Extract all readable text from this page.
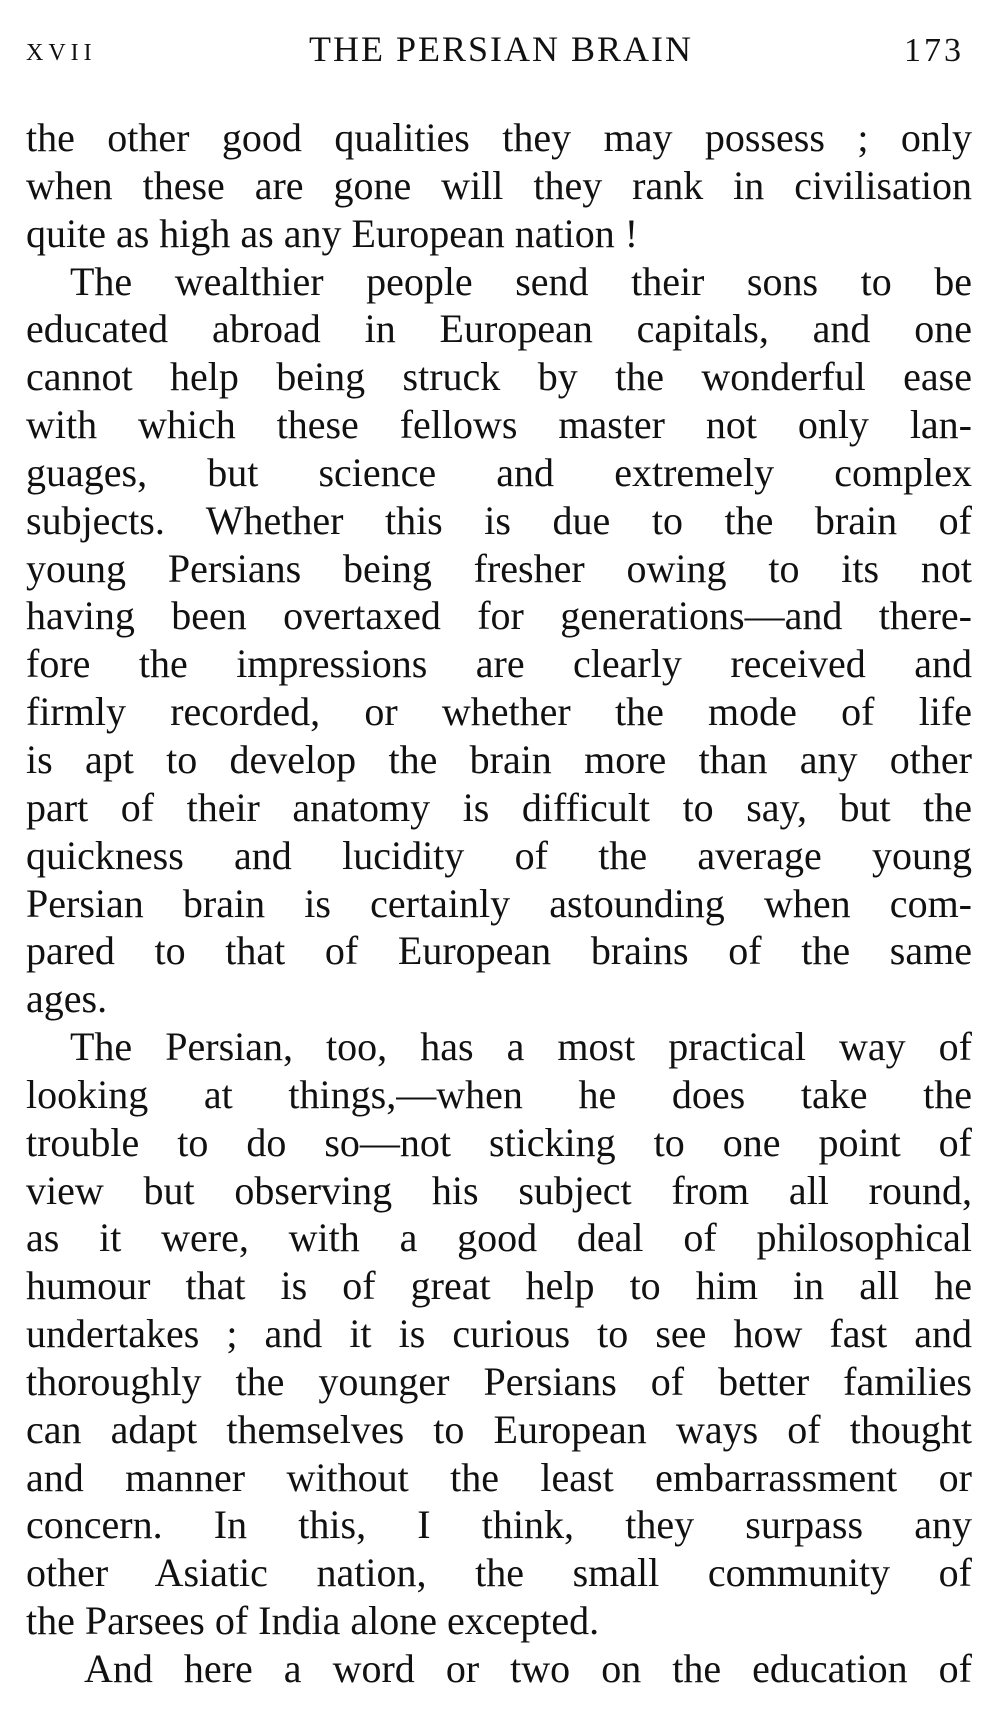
XVII	THE PERSIAN BRAIN	173
the other good qualities they may possess ; only
when these are gone will they rank in civilisation
quite as high as any European nation !
The wealthier people send their sons to be
educated abroad in European capitals, and one
cannot help being struck by the wonderful ease
with which these fellows master not only lan-
guages, but science and extremely complex
subjects. Whether this is due to the brain of
young Persians being fresher owing to its not
having been overtaxed for generations—and there-
fore the impressions are clearly received and
firmly recorded, or whether the mode of life
is apt to develop the brain more than any other
part of their anatomy is difficult to say, but the
quickness and lucidity of the average young
Persian brain is certainly astounding when com-
pared to that of European brains of the same
ages.
The Persian, too, has a most practical way of
looking at things,—when he does take the
trouble to do so—not sticking to one point of
view but observing his subject from all round,
as it were, with a good deal of philosophical
humour that is of great help to him in all he
undertakes ; and it is curious to see how fast and
thoroughly the younger Persians of better families
can adapt themselves to European ways of thought
and manner without the least embarrassment or
concern. In this, I think, they surpass any
other Asiatic nation, the small community of
the Parsees of India alone excepted.
And here a word or two on the education of
